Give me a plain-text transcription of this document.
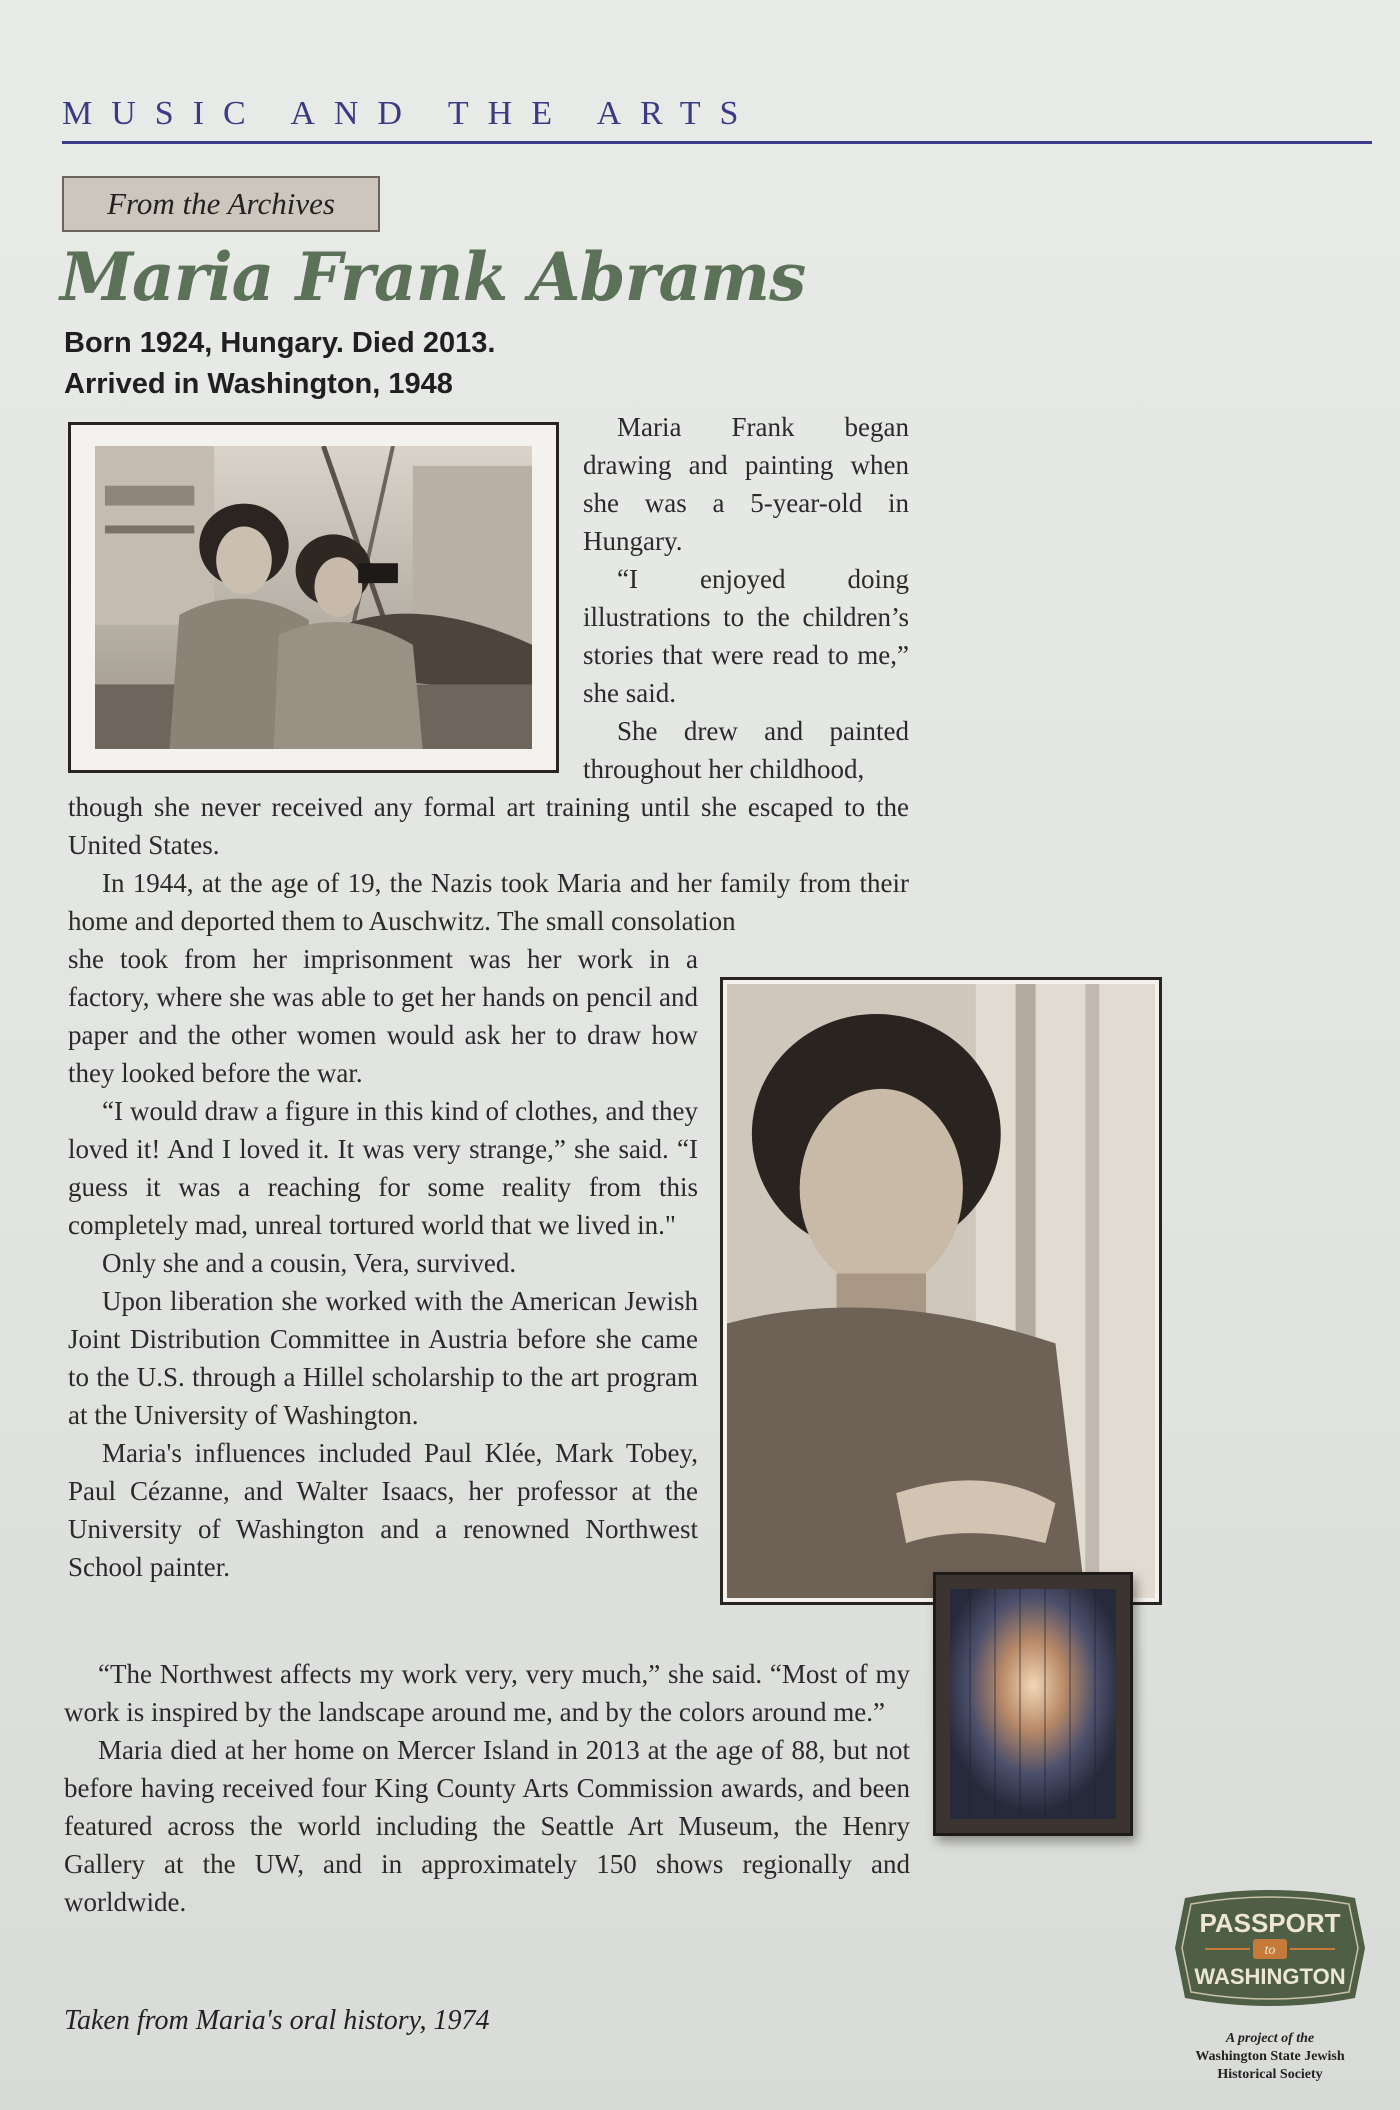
MUSIC AND THE ARTS
From the Archives
Maria Frank Abrams
Born 1924, Hungary. Died 2013.
Arrived in Washington, 1948

Maria Frank began drawing and painting when she was a 5-year-old in Hungary.

“I enjoyed doing illustrations to the children’s stories that were read to me,” she said.

She drew and painted throughout her childhood,

though she never received any formal art training until she escaped to the United States.

In 1944, at the age of 19, the Nazis took Maria and her family from their home and deported them to Auschwitz. The small consolation

she took from her imprisonment was her work in a factory, where she was able to get her hands on pencil and paper and the other women would ask her to draw how they looked before the war.

“I would draw a figure in this kind of clothes, and they loved it! And I loved it. It was very strange,” she said. “I guess it was a reaching for some reality from this completely mad, unreal tortured world that we lived in."

Only she and a cousin, Vera, survived.

Upon liberation she worked with the American Jewish Joint Distribution Committee in Austria before she came to the U.S. through a Hillel scholarship to the art program at the University of Washington.

Maria's influences included Paul Klée, Mark Tobey, Paul Cézanne, and Walter Isaacs, her professor at the University of Washington and a renowned Northwest School painter.

“The Northwest affects my work very, very much,” she said. “Most of my work is inspired by the landscape around me, and by the colors around me.”

Maria died at her home on Mercer Island in 2013 at the age of 88, but not before having received four King County Arts Commission awards, and been featured across the world including the Seattle Art Museum, the Henry Gallery at the UW, and in approximately 150 shows regionally and worldwide.

Taken from Maria's oral history, 1974
PASSPORT
to
WASHINGTON
A project of the
Washington State Jewish
Historical Society
